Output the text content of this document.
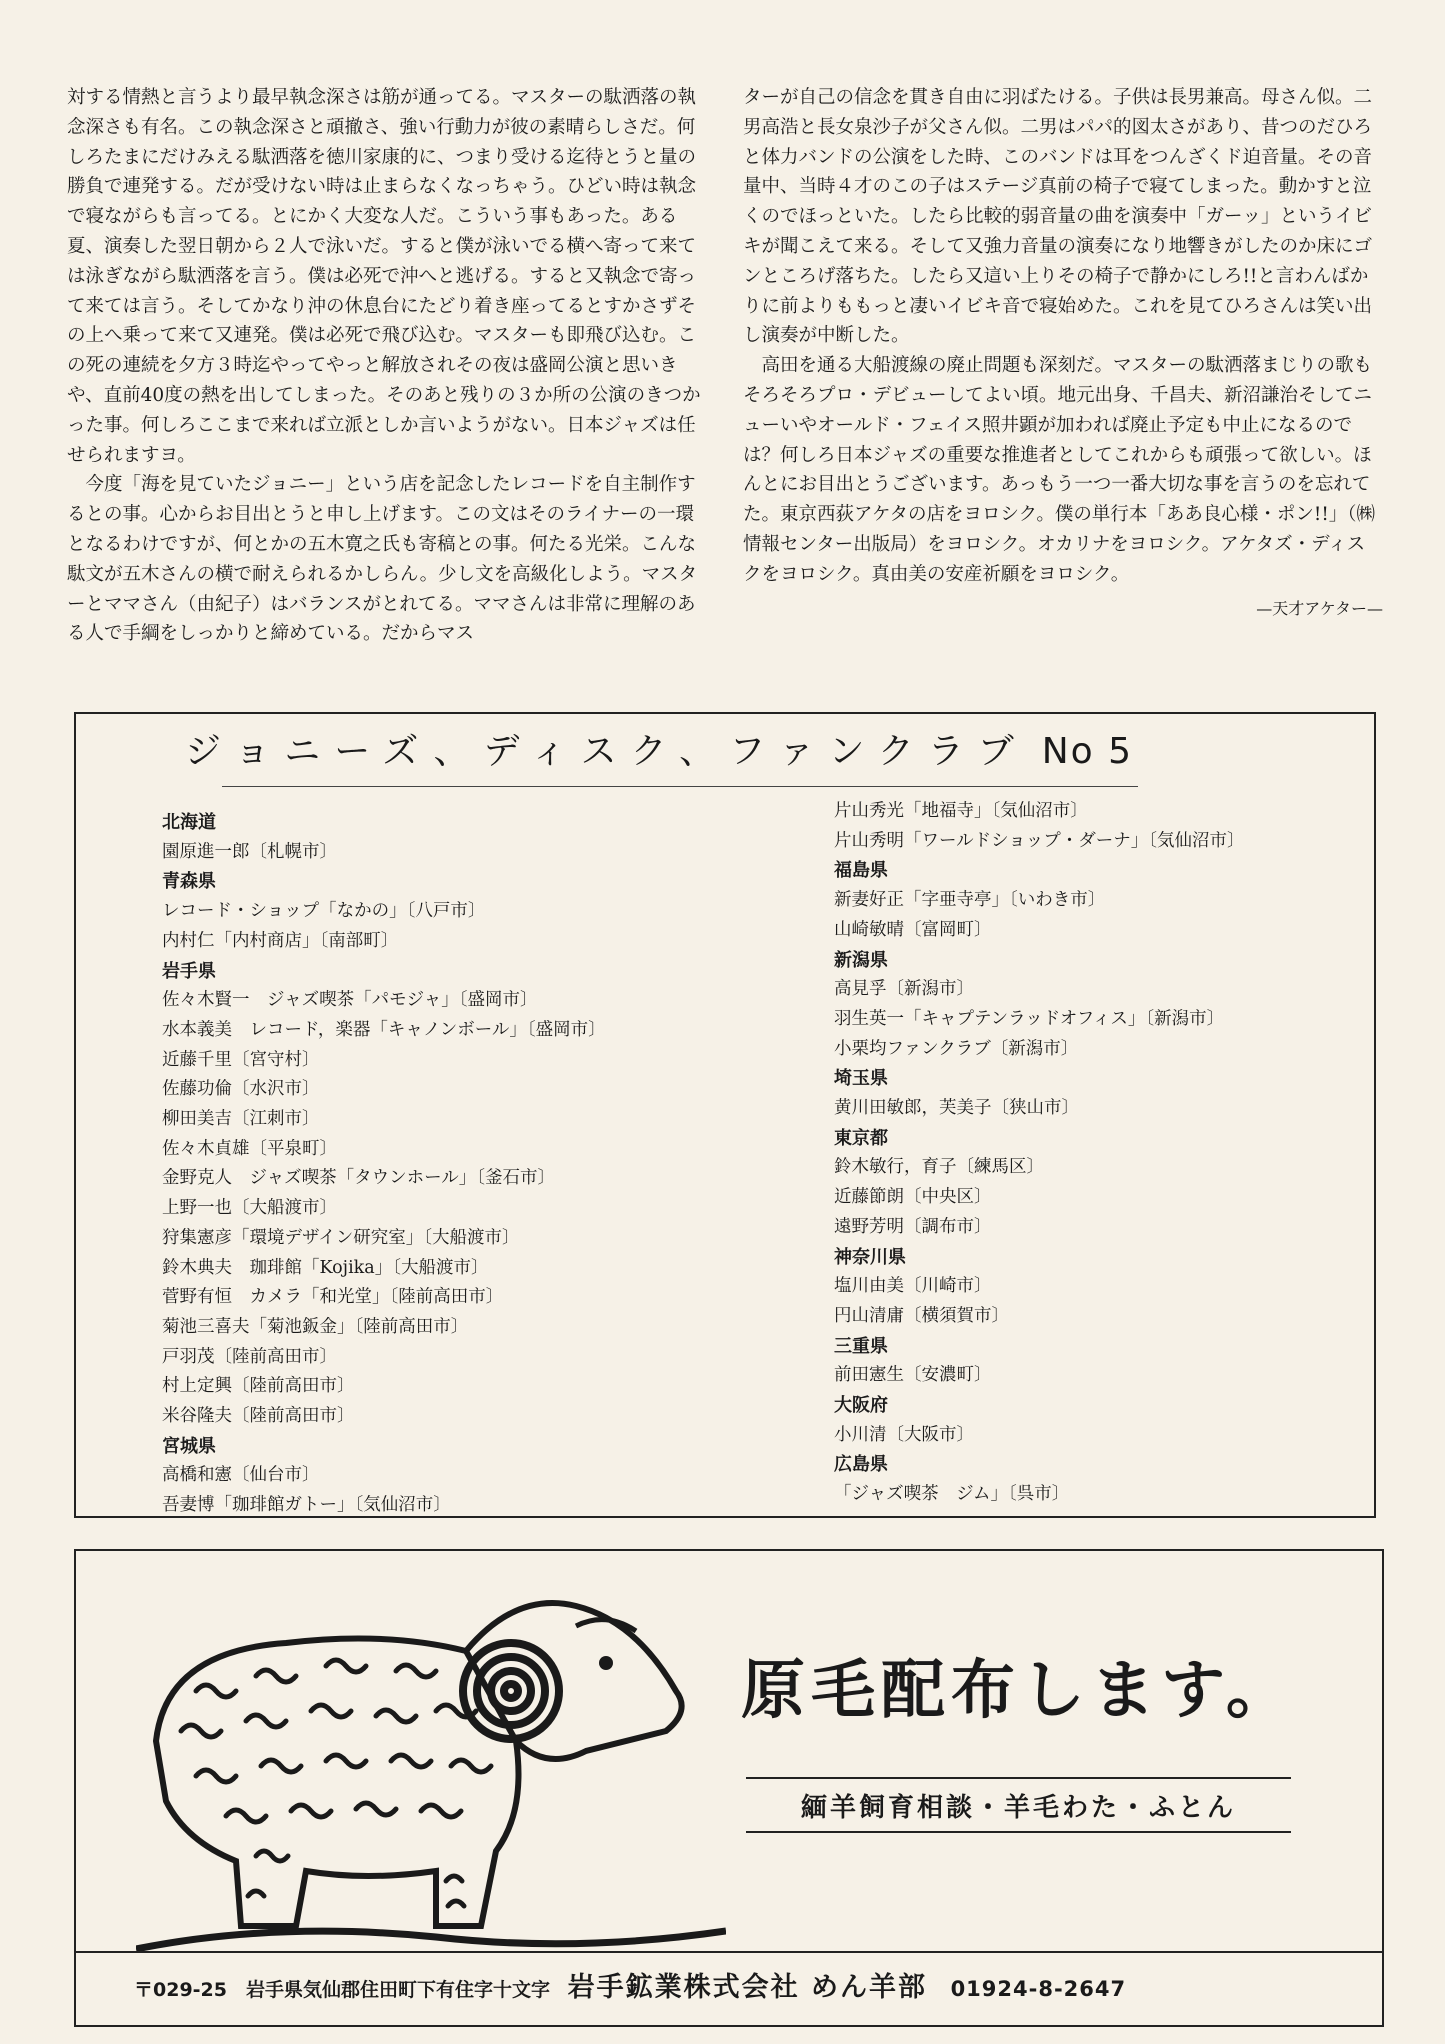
対する情熱と言うより最早執念深さは筋が通ってる。マスターの駄洒落の執念深さも有名。この執念深さと頑撤さ、強い行動力が彼の素晴らしさだ。何しろたまにだけみえる駄洒落を徳川家康的に、つまり受ける迄待とうと量の勝負で連発する。だが受けない時は止まらなくなっちゃう。ひどい時は執念で寝ながらも言ってる。とにかく大変な人だ。こういう事もあった。ある夏、演奏した翌日朝から２人で泳いだ。すると僕が泳いでる横へ寄って来ては泳ぎながら駄洒落を言う。僕は必死で沖へと逃げる。すると又執念で寄って来ては言う。そしてかなり沖の休息台にたどり着き座ってるとすかさずその上へ乗って来て又連発。僕は必死で飛び込む。マスターも即飛び込む。この死の連続を夕方３時迄やってやっと解放されその夜は盛岡公演と思いきや、直前40度の熱を出してしまった。そのあと残りの３か所の公演のきつかった事。何しろここまで来れば立派としか言いようがない。日本ジャズは任せられますヨ。

今度「海を見ていたジョニー」という店を記念したレコードを自主制作するとの事。心からお目出とうと申し上げます。この文はそのライナーの一環となるわけですが、何とかの五木寛之氏も寄稿との事。何たる光栄。こんな駄文が五木さんの横で耐えられるかしらん。少し文を高級化しよう。マスターとママさん（由紀子）はバランスがとれてる。ママさんは非常に理解のある人で手綱をしっかりと締めている。だからマス

ターが自己の信念を貫き自由に羽ばたける。子供は長男兼高。母さん似。二男高浩と長女泉沙子が父さん似。二男はパパ的図太さがあり、昔つのだひろと体力バンドの公演をした時、このバンドは耳をつんざくド迫音量。その音量中、当時４才のこの子はステージ真前の椅子で寝てしまった。動かすと泣くのでほっといた。したら比較的弱音量の曲を演奏中「ガーッ」というイビキが聞こえて来る。そして又強力音量の演奏になり地響きがしたのか床にゴンところげ落ちた。したら又這い上りその椅子で静かにしろ!!と言わんばかりに前よりももっと凄いイビキ音で寝始めた。これを見てひろさんは笑い出し演奏が中断した。

高田を通る大船渡線の廃止問題も深刻だ。マスターの駄洒落まじりの歌もそろそろプロ・デビューしてよい頃。地元出身、千昌夫、新沼謙治そしてニューいやオールド・フェイス照井顕が加われば廃止予定も中止になるのでは？何しろ日本ジャズの重要な推進者としてこれからも頑張って欲しい。ほんとにお目出とうございます。あっもう一つ一番大切な事を言うのを忘れてた。東京西荻アケタの店をヨロシク。僕の単行本「ああ良心様・ポン!!」（㈱情報センター出版局）をヨロシク。オカリナをヨロシク。アケタズ・ディスクをヨロシク。真由美の安産祈願をヨロシク。

—天才アケター—
ジョニーズ、ディスク、ファンクラブ No 5
北海道
園原進一郎〔札幌市〕
青森県
レコード・ショップ「なかの」〔八戸市〕
内村仁「内村商店」〔南部町〕
岩手県
佐々木賢一　ジャズ喫茶「パモジャ」〔盛岡市〕
水本義美　レコード，楽器「キャノンボール」〔盛岡市〕
近藤千里〔宮守村〕
佐藤功倫〔水沢市〕
柳田美吉〔江刺市〕
佐々木貞雄〔平泉町〕
金野克人　ジャズ喫茶「タウンホール」〔釜石市〕
上野一也〔大船渡市〕
狩集憲彦「環境デザイン研究室」〔大船渡市〕
鈴木典夫　珈琲館「Kojika」〔大船渡市〕
菅野有恒　カメラ「和光堂」〔陸前高田市〕
菊池三喜夫「菊池鈑金」〔陸前高田市〕
戸羽茂〔陸前高田市〕
村上定興〔陸前高田市〕
米谷隆夫〔陸前高田市〕
宮城県
高橋和憲〔仙台市〕
吾妻博「珈琲館ガトー」〔気仙沼市〕
片山秀光「地福寺」〔気仙沼市〕
片山秀明「ワールドショップ・ダーナ」〔気仙沼市〕
福島県
新妻好正「字亜寺亭」〔いわき市〕
山崎敏晴〔富岡町〕
新潟県
高見孚〔新潟市〕
羽生英一「キャプテンラッドオフィス」〔新潟市〕
小栗均ファンクラブ〔新潟市〕
埼玉県
黄川田敏郎，芙美子〔狭山市〕
東京都
鈴木敏行，育子〔練馬区〕
近藤節朗〔中央区〕
遠野芳明〔調布市〕
神奈川県
塩川由美〔川崎市〕
円山清庸〔横須賀市〕
三重県
前田憲生〔安濃町〕
大阪府
小川清〔大阪市〕
広島県
「ジャズ喫茶　ジム」〔呉市〕
原毛配布します。
緬羊飼育相談・羊毛わた・ふとん
〒029-25　岩手県気仙郡住田町下有住字十文字 岩手鉱業株式会社 めん羊部 01924-8-2647
